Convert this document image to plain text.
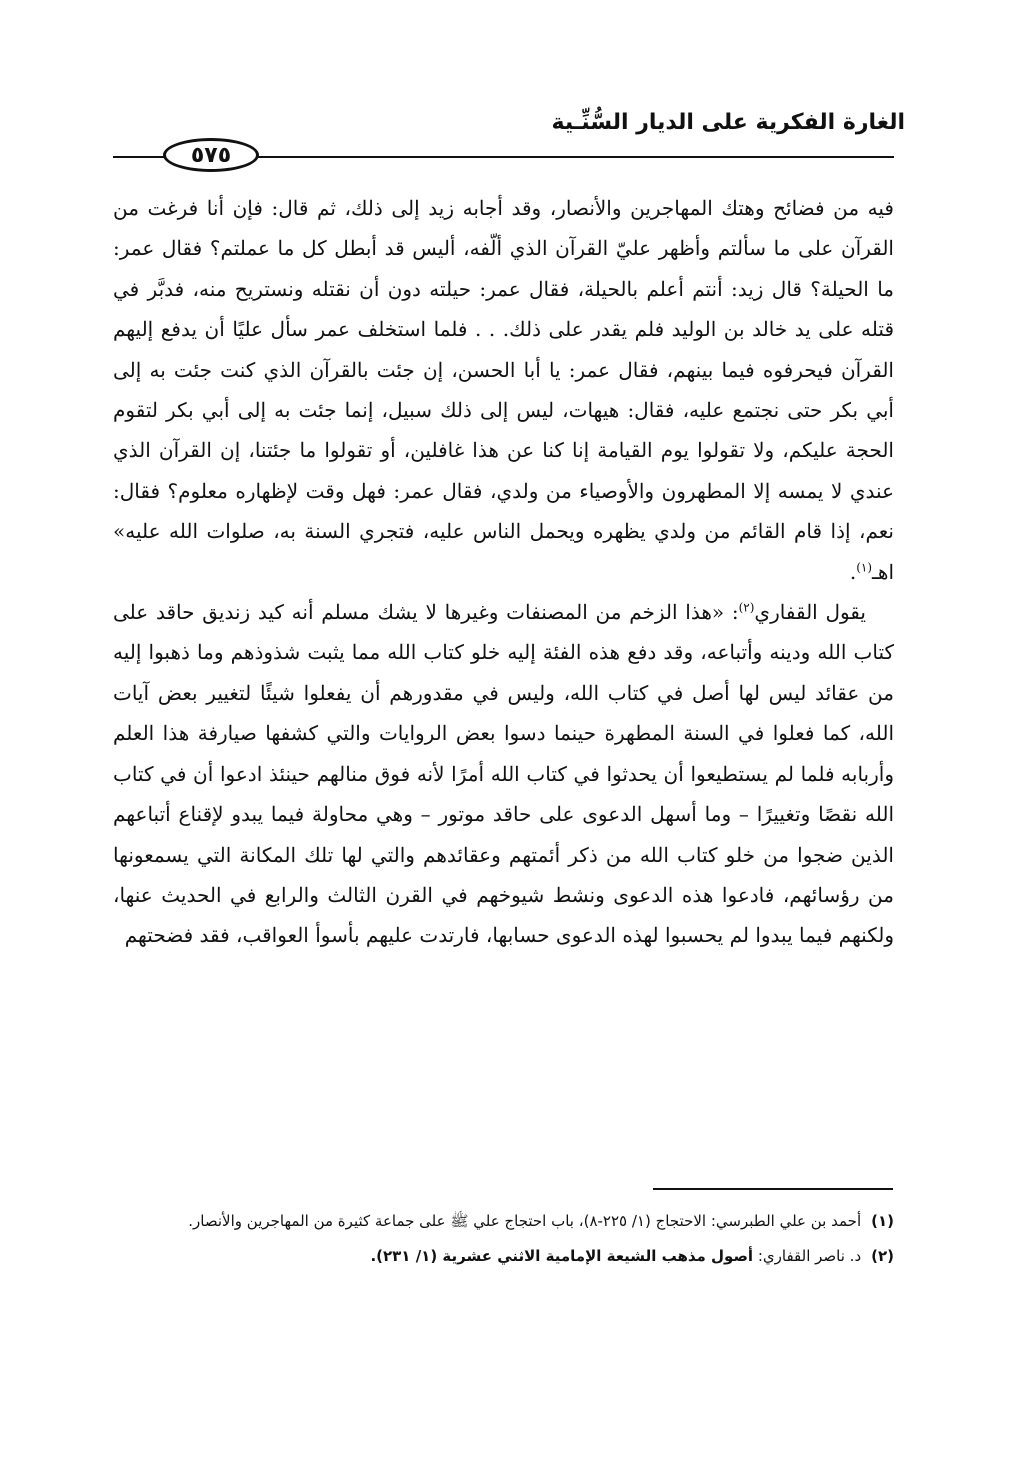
الغارة الفكرية على الديار السُّنِّـية
٥٧٥

فيه من فضائح وهتك المهاجرين والأنصار، وقد أجابه زيد إلى ذلك، ثم قال: فإن أنا فرغت من القرآن على ما سألتم وأظهر عليّ القرآن الذي ألّفه، أليس قد أبطل كل ما عملتم؟ فقال عمر: ما الحيلة؟ قال زيد: أنتم أعلم بالحيلة، فقال عمر: حيلته دون أن نقتله ونستريح منه، فدبَّر في قتله على يد خالد بن الوليد فلم يقدر على ذلك. . . فلما استخلف عمر سأل عليًا أن يدفع إليهم القرآن فيحرفوه فيما بينهم، فقال عمر: يا أبا الحسن، إن جئت بالقرآن الذي كنت جئت به إلى أبي بكر حتى نجتمع عليه، فقال: هيهات، ليس إلى ذلك سبيل، إنما جئت به إلى أبي بكر لتقوم الحجة عليكم، ولا تقولوا يوم القيامة إنا كنا عن هذا غافلين، أو تقولوا ما جئتنا، إن القرآن الذي عندي لا يمسه إلا المطهرون والأوصياء من ولدي، فقال عمر: فهل وقت لإظهاره معلوم؟ فقال: نعم، إذا قام القائم من ولدي يظهره ويحمل الناس عليه، فتجري السنة به، صلوات الله عليه» اهـ$^{(١)}$.

يقول القفاري$^{(٢)}$: «هذا الزخم من المصنفات وغيرها لا يشك مسلم أنه كيد زنديق حاقد على كتاب الله ودينه وأتباعه، وقد دفع هذه الفئة إليه خلو كتاب الله مما يثبت شذوذهم وما ذهبوا إليه من عقائد ليس لها أصل في كتاب الله، وليس في مقدورهم أن يفعلوا شيئًا لتغيير بعض آيات الله، كما فعلوا في السنة المطهرة حينما دسوا بعض الروايات والتي كشفها صيارفة هذا العلم وأربابه فلما لم يستطيعوا أن يحدثوا في كتاب الله أمرًا لأنه فوق منالهم حينئذ ادعوا أن في كتاب الله نقصًا وتغييرًا – وما أسهل الدعوى على حاقد موتور – وهي محاولة فيما يبدو لإقناع أتباعهم الذين ضجوا من خلو كتاب الله من ذكر أئمتهم وعقائدهم والتي لها تلك المكانة التي يسمعونها من رؤسائهم، فادعوا هذه الدعوى ونشط شيوخهم في القرن الثالث والرابع في الحديث عنها، ولكنهم فيما يبدوا لم يحسبوا لهذه الدعوى حسابها، فارتدت عليهم بأسوأ العواقب، فقد فضحتهم

(١)
أحمد بن علي الطبرسي: الاحتجاج (١/ ٢٢٥-٨)، باب احتجاج علي ﷺ على جماعة كثيرة من المهاجرين والأنصار.
(٢)
د. ناصر القفاري: أصول مذهب الشيعة الإمامية الاثني عشرية (١/ ٢٣١).
